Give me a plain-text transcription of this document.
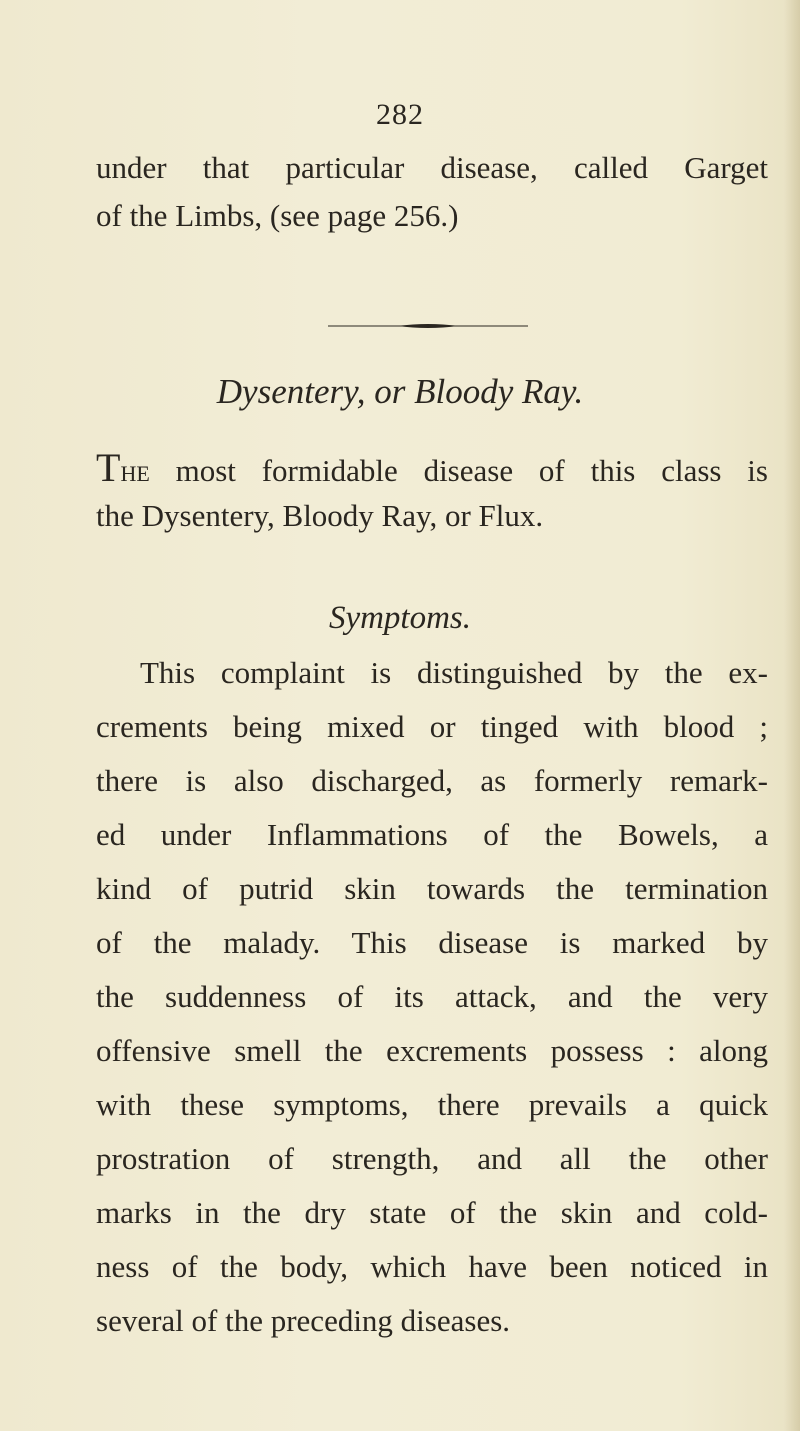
282
under that particular disease, called Garget
of the Limbs, (see page 256.)
Dysentery, or Bloody Ray.
The most formidable disease of this class is
the Dysentery, Bloody Ray, or Flux.
Symptoms.
This complaint is distinguished by the ex-
crements being mixed or tinged with blood ;
there is also discharged, as formerly remark-
ed under Inflammations of the Bowels, a
kind of putrid skin towards the termination
of the malady. This disease is marked by
the suddenness of its attack, and the very
offensive smell the excrements possess : along
with these symptoms, there prevails a quick
prostration of strength, and all the other
marks in the dry state of the skin and cold-
ness of the body, which have been noticed in
several of the preceding diseases.
